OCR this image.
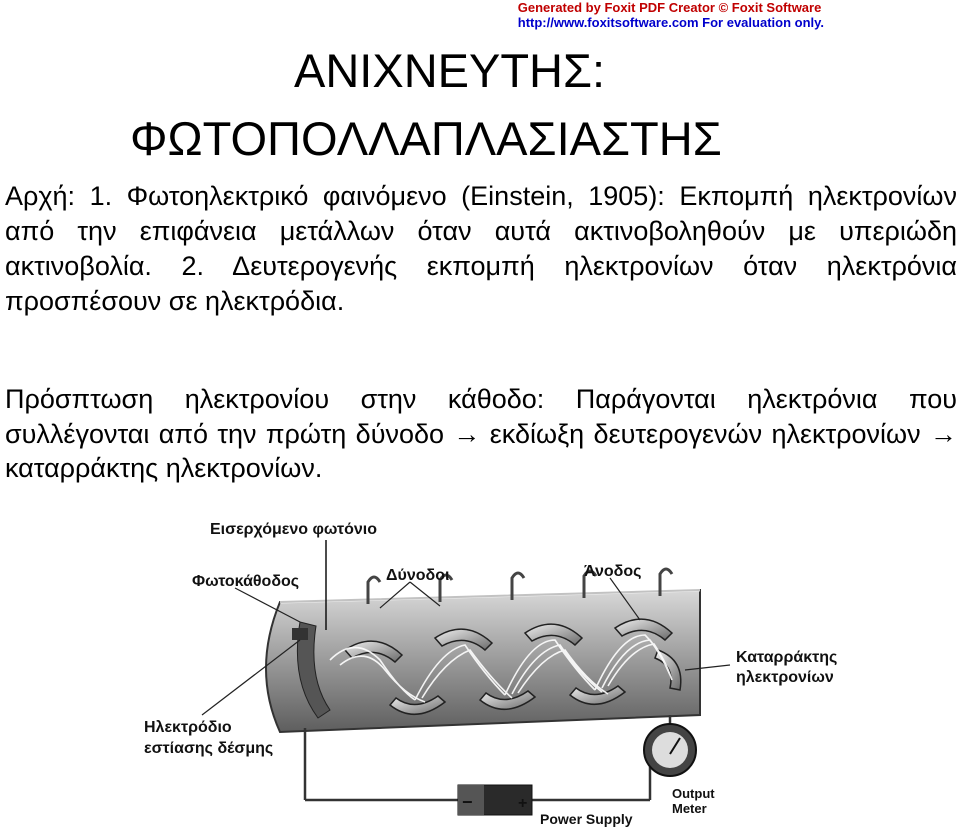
Generated by Foxit PDF Creator © Foxit Software
http://www.foxitsoftware.com For evaluation only.
ΑΝΙΧΝΕΥΤΗΣ:
ΦΩΤΟΠΟΛΛΑΠΛΑΣΙΑΣΤΗΣ

Αρχή: 1. Φωτοηλεκτρικό φαινόμενο (Einstein, 1905): Εκπομπή ηλεκτρονίων από την επιφάνεια μετάλλων όταν αυτά ακτινοβοληθούν με υπεριώδη ακτινοβολία. 2. Δευτερογενής εκπομπή ηλεκτρονίων όταν ηλεκτρόνια προσπέσουν σε ηλεκτρόδια.

Πρόσπτωση ηλεκτρονίου στην κάθοδο: Παράγονται ηλεκτρόνια που συλλέγονται από την πρώτη δύνοδο → εκδίωξη δευτερογενών ηλεκτρονίων → καταρράκτης ηλεκτρονίων.

−	+
Εισερχόμενο φωτόνιο
Φωτοκάθοδος	Δύνοδοι	Άνοδος
Καταρράκτης
ηλεκτρονίων
Ηλεκτρόδιο
εστίασης δέσμης
Power Supply
Output
Meter
